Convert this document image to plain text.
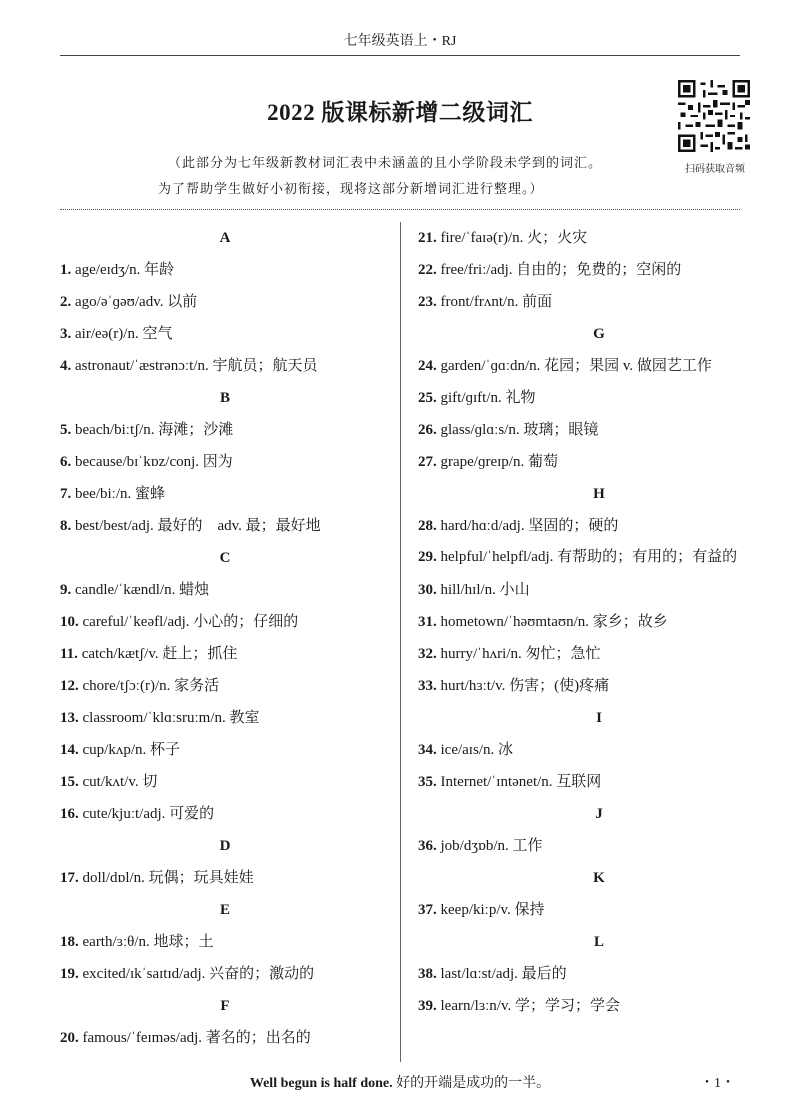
七年级英语上・RJ
2022 版课标新增二级词汇
扫码获取音频
（此部分为七年级新教材词汇表中未涵盖的且小学阶段未学到的词汇。
为了帮助学生做好小初衔接，现将这部分新增词汇进行整理。）
A
1. age/eɪdʒ/n. 年龄
2. ago/əˈɡəʊ/adv. 以前
3. air/eə(r)/n. 空气
4. astronaut/ˈæstrənɔːt/n. 宇航员；航天员
B
5. beach/biːtʃ/n. 海滩；沙滩
6. because/bɪˈkɒz/conj. 因为
7. bee/biː/n. 蜜蜂
8. best/best/adj. 最好的　adv. 最；最好地
C
9. candle/ˈkændl/n. 蜡烛
10. careful/ˈkeəfl/adj. 小心的；仔细的
11. catch/kætʃ/v. 赶上；抓住
12. chore/tʃɔː(r)/n. 家务活
13. classroom/ˈklɑːsruːm/n. 教室
14. cup/kʌp/n. 杯子
15. cut/kʌt/v. 切
16. cute/kjuːt/adj. 可爱的
D
17. doll/dɒl/n. 玩偶；玩具娃娃
E
18. earth/ɜːθ/n. 地球；土
19. excited/ɪkˈsaɪtɪd/adj. 兴奋的；激动的
F
20. famous/ˈfeɪməs/adj. 著名的；出名的
21. fire/ˈfaɪə(r)/n. 火；火灾
22. free/friː/adj. 自由的；免费的；空闲的
23. front/frʌnt/n. 前面
G
24. garden/ˈɡɑːdn/n. 花园；果园 v. 做园艺工作
25. gift/ɡɪft/n. 礼物
26. glass/ɡlɑːs/n. 玻璃；眼镜
27. grape/ɡreɪp/n. 葡萄
H
28. hard/hɑːd/adj. 坚固的；硬的
29. helpful/ˈhelpfl/adj. 有帮助的；有用的；有益的
30. hill/hɪl/n. 小山
31. hometown/ˈhəʊmtaʊn/n. 家乡；故乡
32. hurry/ˈhʌri/n. 匆忙；急忙
33. hurt/hɜːt/v. 伤害；(使)疼痛
I
34. ice/aɪs/n. 冰
35. Internet/ˈɪntənet/n. 互联网
J
36. job/dʒɒb/n. 工作
K
37. keep/kiːp/v. 保持
L
38. last/lɑːst/adj. 最后的
39. learn/lɜːn/v. 学；学习；学会
Well begun is half done. 好的开端是成功的一半。	・1・
